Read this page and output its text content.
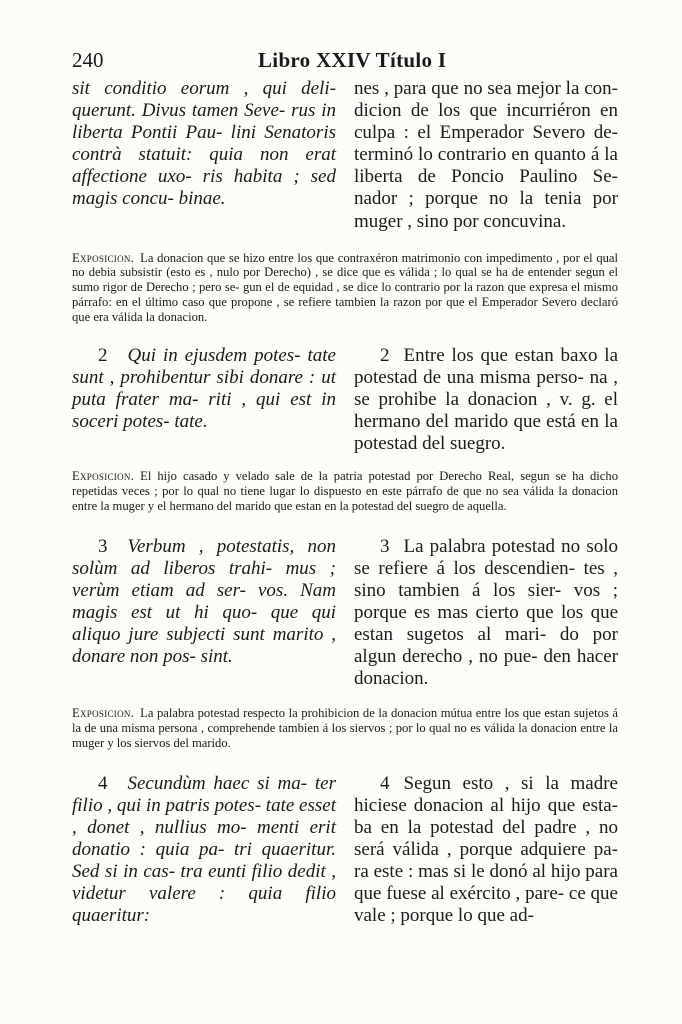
240	Libro XXIV Título I
sit conditio eorum , qui deli- querunt. Divus tamen Seve- rus in liberta Pontii Pau- lini Senatoris contrà statuit: quia non erat affectione uxo- ris habita ; sed magis concu- binae.
nes , para que no sea mejor la con- dicion de los que incurriéron en culpa : el Emperador Severo de- terminó lo contrario en quanto á la liberta de Poncio Paulino Se- nador ; porque no la tenia por muger , sino por concuvina.

Exposicion. La donacion que se hizo entre los que contraxéron matrimonio con impedimento , por el qual no debia subsistir (esto es , nulo por Derecho) , se dice que es válida ; lo qual se ha de entender segun el sumo rigor de Derecho ; pero se- gun el de equidad , se dice lo contrario por la razon que expresa el mismo párrafo: en el último caso que propone , se refiere tambien la razon por que el Emperador Severo declaró que era válida la donacion.

2 Qui in ejusdem potes- tate sunt , prohibentur sibi donare : ut puta frater ma- riti , qui est in soceri potes- tate.
2 Entre los que estan baxo la potestad de una misma perso- na , se prohibe la donacion , v. g. el hermano del marido que está en la potestad del suegro.

Exposicion. El hijo casado y velado sale de la patria potestad por Derecho Real, segun se ha dicho repetidas veces ; por lo qual no tiene lugar lo dispuesto en este párrafo de que no sea válida la donacion entre la muger y el hermano del marido que estan en la potestad del suegro de aquella.

3 Verbum , potestatis, non solùm ad liberos trahi- mus ; verùm etiam ad ser- vos. Nam magis est ut hi quo- que qui aliquo jure subjecti sunt marito , donare non pos- sint.
3 La palabra potestad no solo se refiere á los descendien- tes , sino tambien á los sier- vos ; porque es mas cierto que los que estan sugetos al mari- do por algun derecho , no pue- den hacer donacion.

Exposicion. La palabra potestad respecto la prohibicion de la donacion mútua entre los que estan sujetos á la de una misma persona , comprehende tambien á los siervos ; por lo qual no es válida la donacion entre la muger y los siervos del marido.

4 Secundùm haec si ma- ter filio , qui in patris potes- tate esset , donet , nullius mo- menti erit donatio : quia pa- tri quaeritur. Sed si in cas- tra eunti filio dedit , videtur valere : quia filio quaeritur:
4 Segun esto , si la madre hiciese donacion al hijo que esta- ba en la potestad del padre , no será válida , porque adquiere pa- ra este : mas si le donó al hijo para que fuese al exército , pare- ce que vale ; porque lo que ad-
